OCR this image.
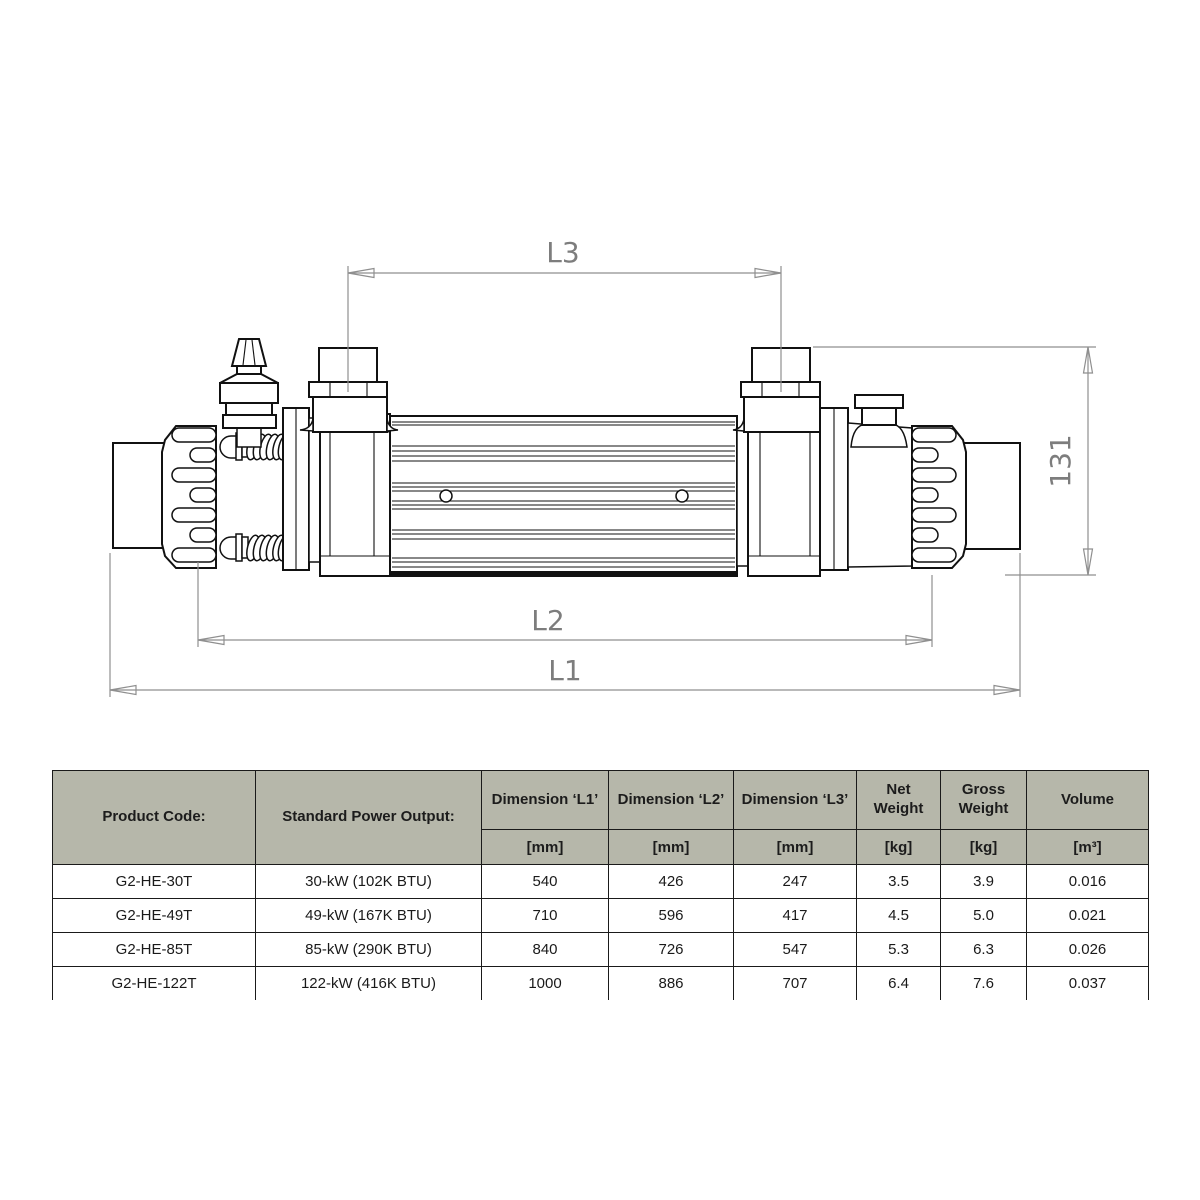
L3
131
L2
L1
Product Code:	Standard Power Output:	Dimension ‘L1’	Dimension ‘L2’	Dimension ‘L3’	Net Weight	Gross Weight	Volume
		[mm]	[mm]	[mm]	[kg]	[kg]	[m³]
G2-HE-30T	30-kW (102K BTU)	540	426	247	3.5	3.9	0.016
G2-HE-49T	49-kW (167K BTU)	710	596	417	4.5	5.0	0.021
G2-HE-85T	85-kW (290K BTU)	840	726	547	5.3	6.3	0.026
G2-HE-122T	122-kW (416K BTU)	1000	886	707	6.4	7.6	0.037
